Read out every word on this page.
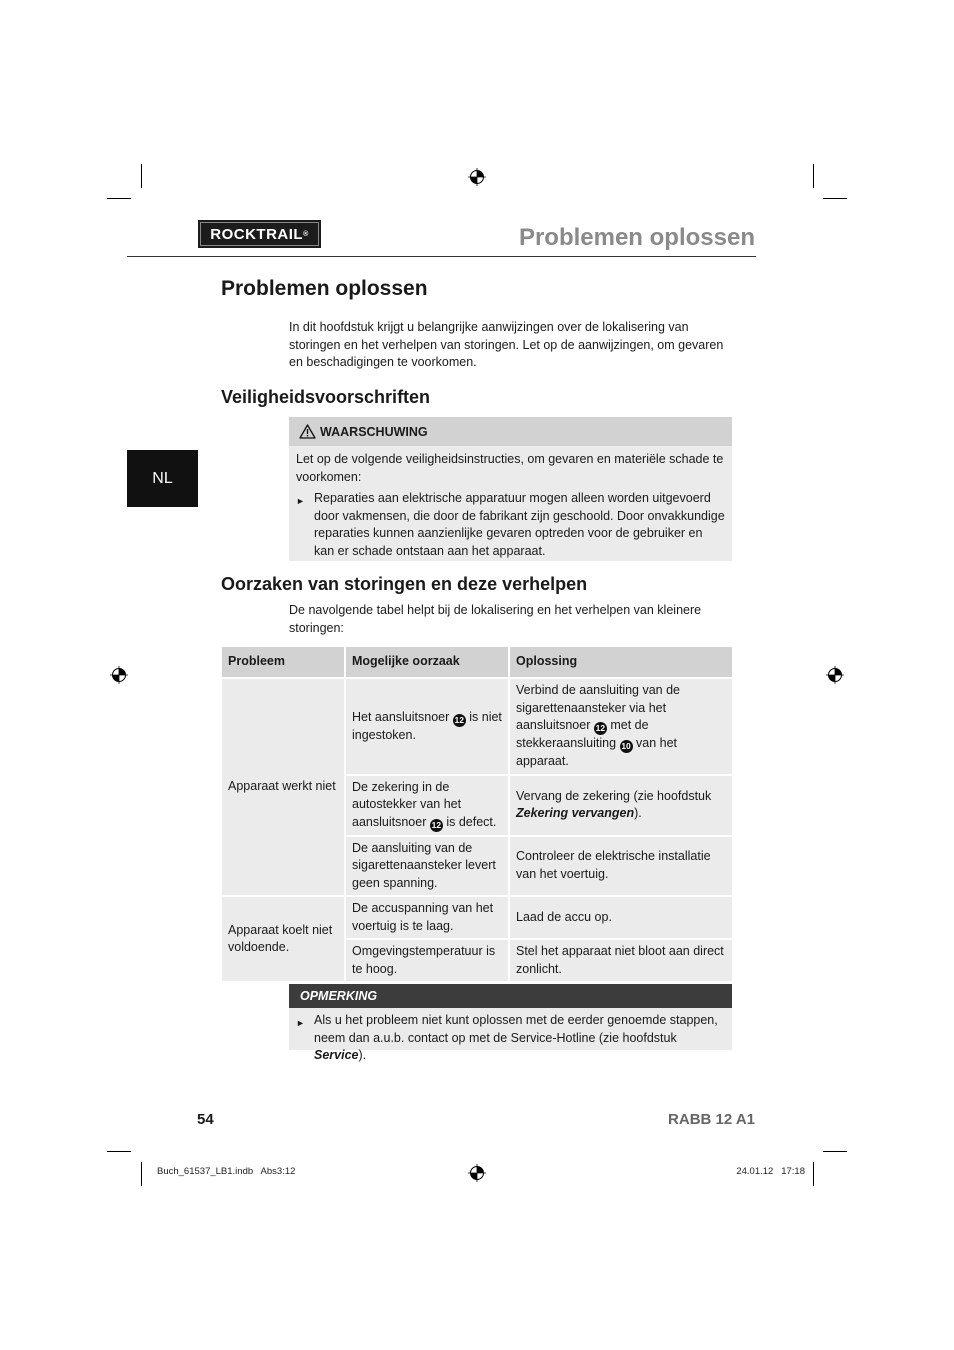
ROCKTRAIL ®	Problemen oplossen
NL
Problemen oplossen

In dit hoofdstuk krijgt u belangrijke aanwijzingen over de lokalisering van storingen en het verhelpen van storingen. Let op de aanwijzingen, om gevaren en beschadigingen te voorkomen.

Veiligheidsvoorschriften
WAARSCHUWING
Let op de volgende veiligheidsinstructies, om gevaren en materiële schade te voorkomen:
► Reparaties aan elektrische apparatuur mogen alleen worden uitgevoerd door vakmensen, die door de fabrikant zijn geschoold. Door onvakkundige reparaties kunnen aanzienlijke gevaren optreden voor de gebruiker en kan er schade ontstaan aan het apparaat.
Oorzaken van storingen en deze verhelpen

De navolgende tabel helpt bij de lokalisering en het verhelpen van kleinere storingen:

Probleem	Mogelijke oorzaak	Oplossing
Apparaat werkt niet	Het aansluitsnoer 12 is niet ingestoken.	Verbind de aansluiting van de sigarettenaansteker via het aansluitsnoer 12 met de stekkeraansluiting 10 van het apparaat.
	De zekering in de autostekker van het aansluitsnoer 12 is defect.	Vervang de zekering (zie hoofdstuk Zekering vervangen).
	De aansluiting van de sigarettenaansteker levert geen spanning.	Controleer de elektrische installatie van het voertuig.
Apparaat koelt niet voldoende.	De accuspanning van het voertuig is te laag.	Laad de accu op.
	Omgevingstemperatuur is te hoog.	Stel het apparaat niet bloot aan direct zonlicht.
OPMERKING
► Als u het probleem niet kunt oplossen met de eerder genoemde stappen, neem dan a.u.b. contact op met de Service-Hotline (zie hoofdstuk Service).
54	RABB 12 A1
Buch_61537_LB1.indb   Abs3:12	24.01.12   17:18
